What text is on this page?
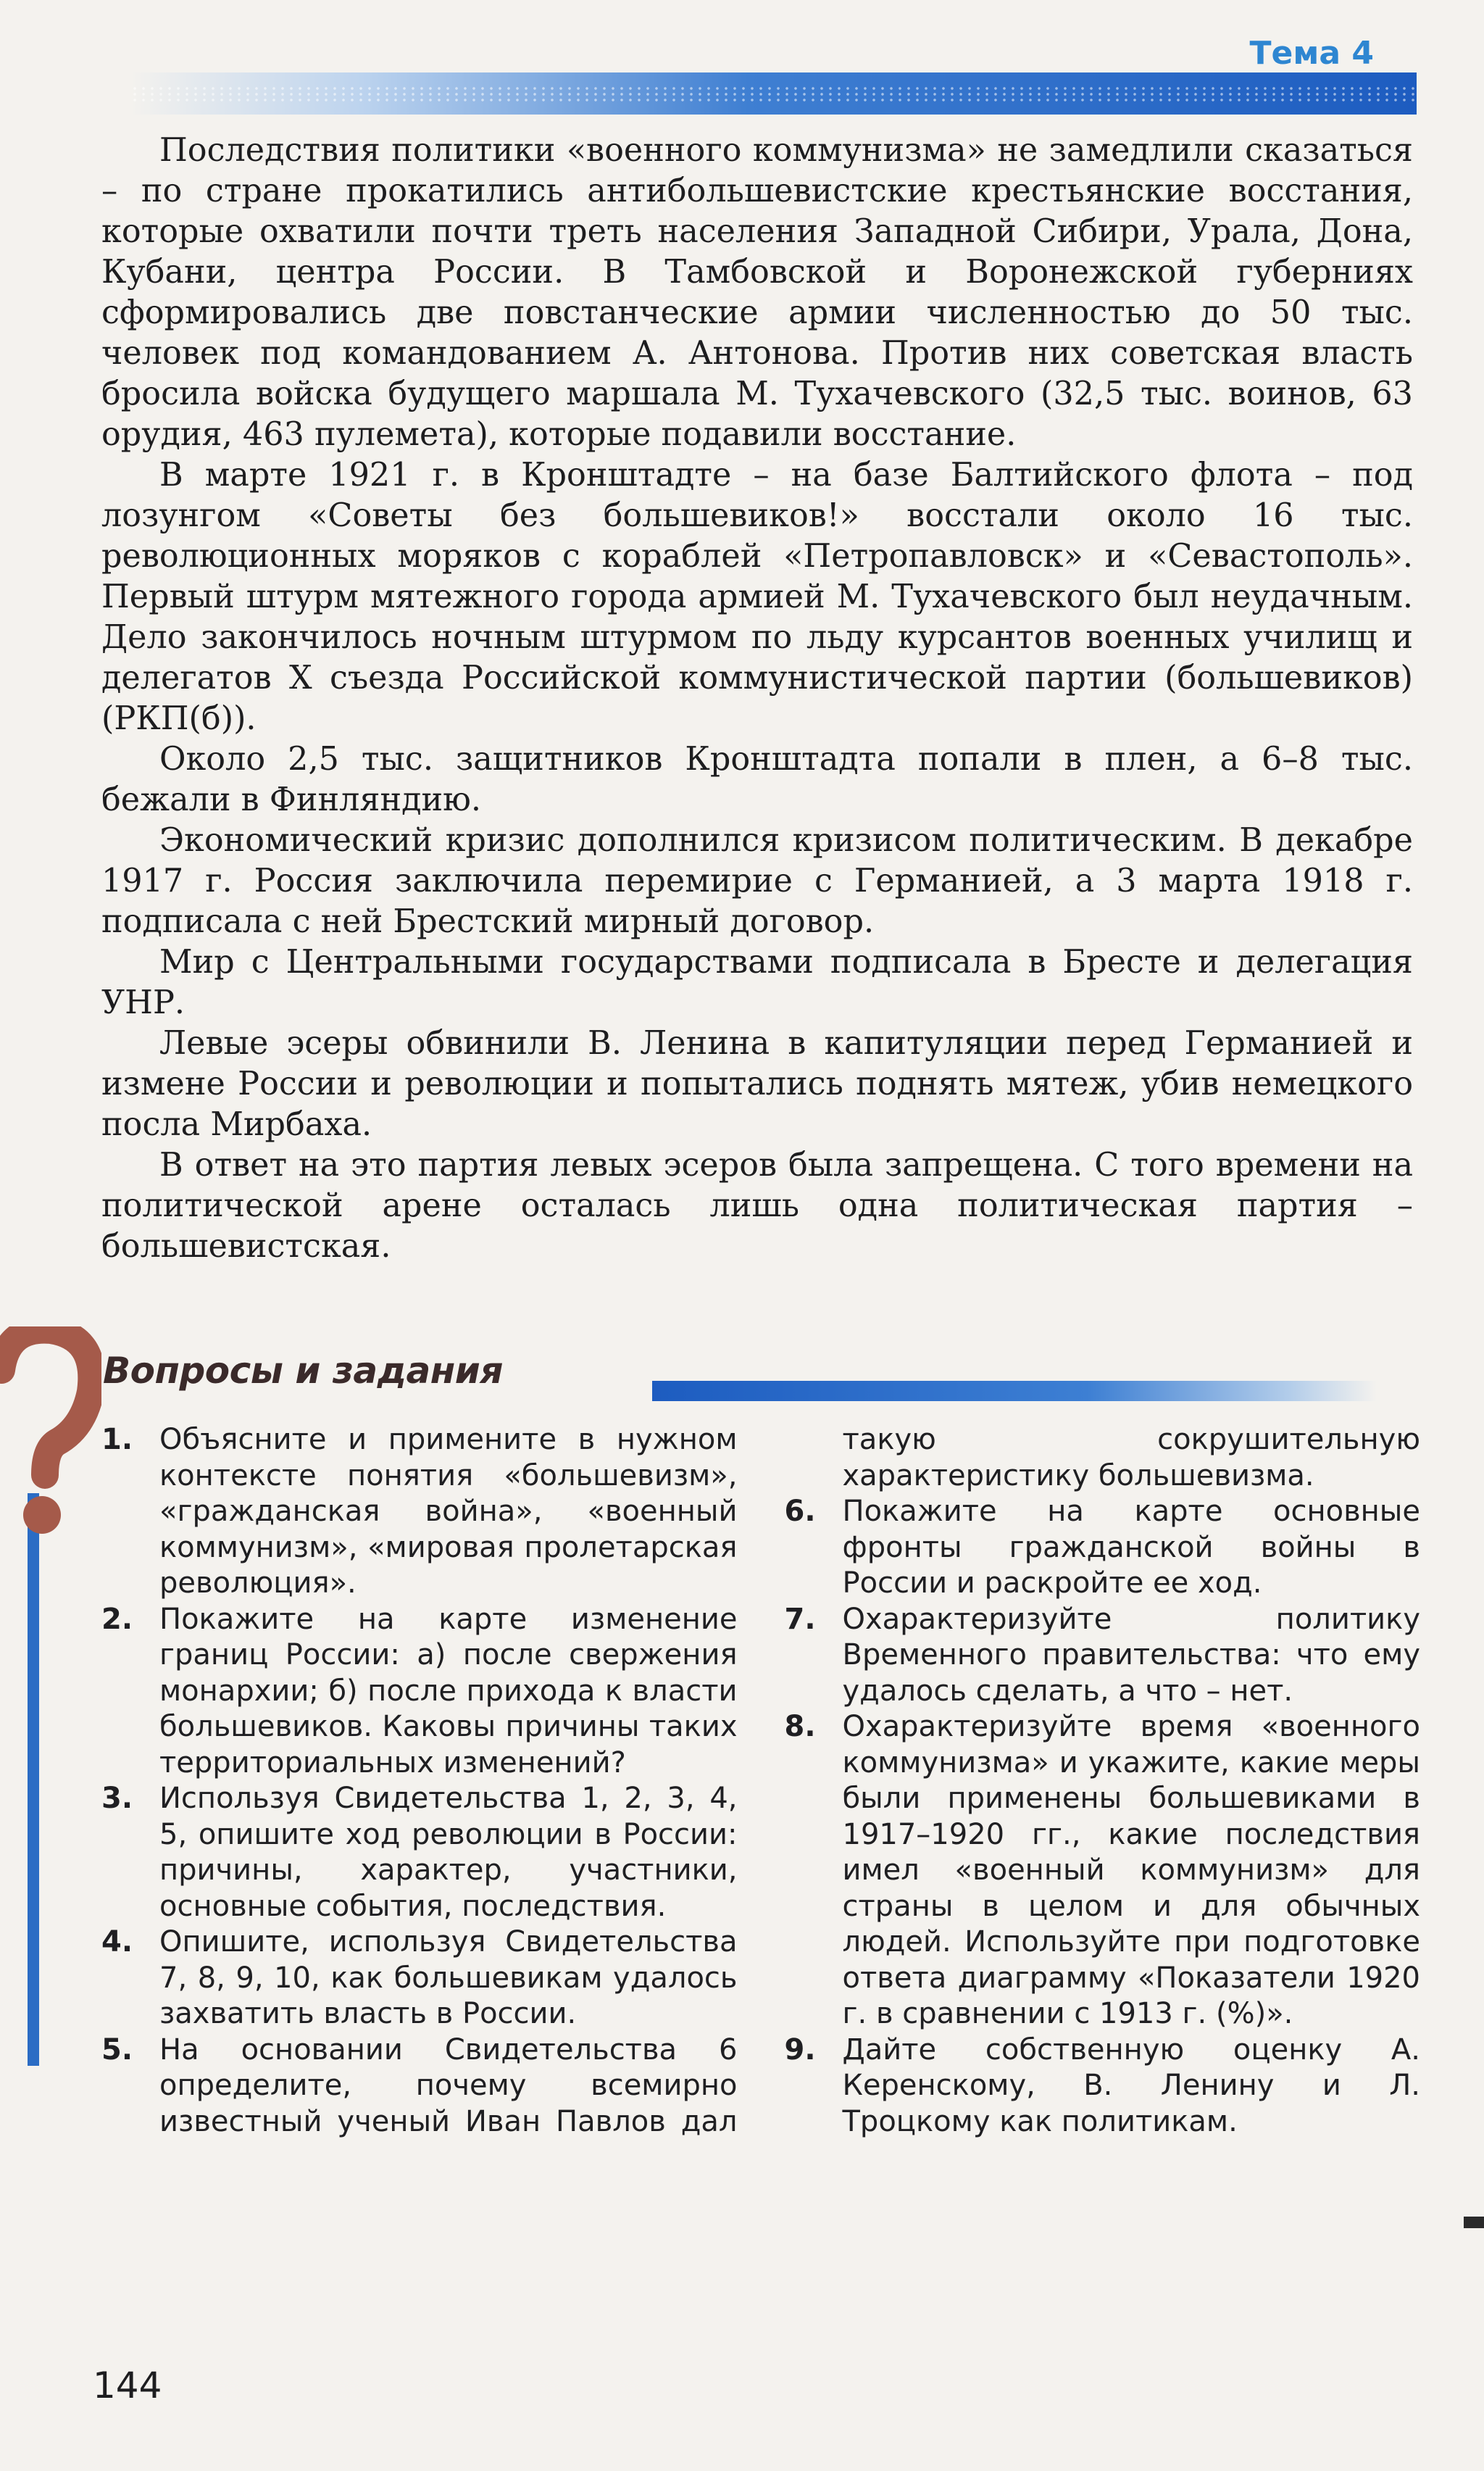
Тема 4

Последствия политики «военного коммунизма» не замедлили сказаться – по стране прокатились антибольшевистские крестьянские восстания, которые охватили почти треть населения Западной Сибири, Урала, Дона, Кубани, центра России. В Тамбовской и Воронежской губерниях сформировались две повстанческие армии численностью до 50 тыс. человек под командованием А. Антонова. Против них советская власть бросила войска будущего маршала М. Тухачевского (32,5 тыс. воинов, 63 орудия, 463 пулемета), которые подавили восстание.

В марте 1921 г. в Кронштадте – на базе Балтийского флота – под лозунгом «Советы без большевиков!» восстали около 16 тыс. революционных моряков с кораблей «Петропавловск» и «Севастополь». Первый штурм мятежного города армией М. Тухачевского был неудачным. Дело закончилось ночным штурмом по льду курсантов военных училищ и делегатов X съезда Российской коммунистической партии (большевиков) (РКП(б)).

Около 2,5 тыс. защитников Кронштадта попали в плен, а 6–8 тыс. бежали в Финляндию.

Экономический кризис дополнился кризисом политическим. В декабре 1917 г. Россия заключила перемирие с Германией, а 3 марта 1918 г. подписала с ней Брестский мирный договор.

Мир с Центральными государствами подписала в Бресте и делегация УНР.

Левые эсеры обвинили В. Ленина в капитуляции перед Германией и измене России и революции и попытались поднять мятеж, убив немецкого посла Мирбаха.

В ответ на это партия левых эсеров была запрещена. С того времени на политической арене осталась лишь одна политическая партия – большевистская.

Вопросы и задания
1. Объясните и примените в нужном контексте понятия «большевизм», «гражданская война», «военный коммунизм», «мировая пролетарская революция».
2. Покажите на карте изменение границ России: а) после свержения монархии; б) после прихода к власти большевиков. Каковы причины таких территориальных изменений?
3. Используя Свидетельства 1, 2, 3, 4, 5, опишите ход революции в России: причины, характер, участники, основные события, последствия.
4. Опишите, используя Свидетельства 7, 8, 9, 10, как большевикам удалось захватить власть в России.
5. На основании Свидетельства 6 определите, почему всемирно известный ученый Иван Павлов дал такую сокрушительную характеристику большевизма.
6. Покажите на карте основные фронты гражданской войны в России и раскройте ее ход.
7. Охарактеризуйте политику Временного правительства: что ему удалось сделать, а что – нет.
8. Охарактеризуйте время «военного коммунизма» и укажите, какие меры были применены большевиками в 1917–1920 гг., какие последствия имел «военный коммунизм» для страны в целом и для обычных людей. Используйте при подготовке ответа диаграмму «Показатели 1920 г. в сравнении с 1913 г. (%)».
9. Дайте собственную оценку А. Керенскому, В. Ленину и Л. Троцкому как политикам.

144
